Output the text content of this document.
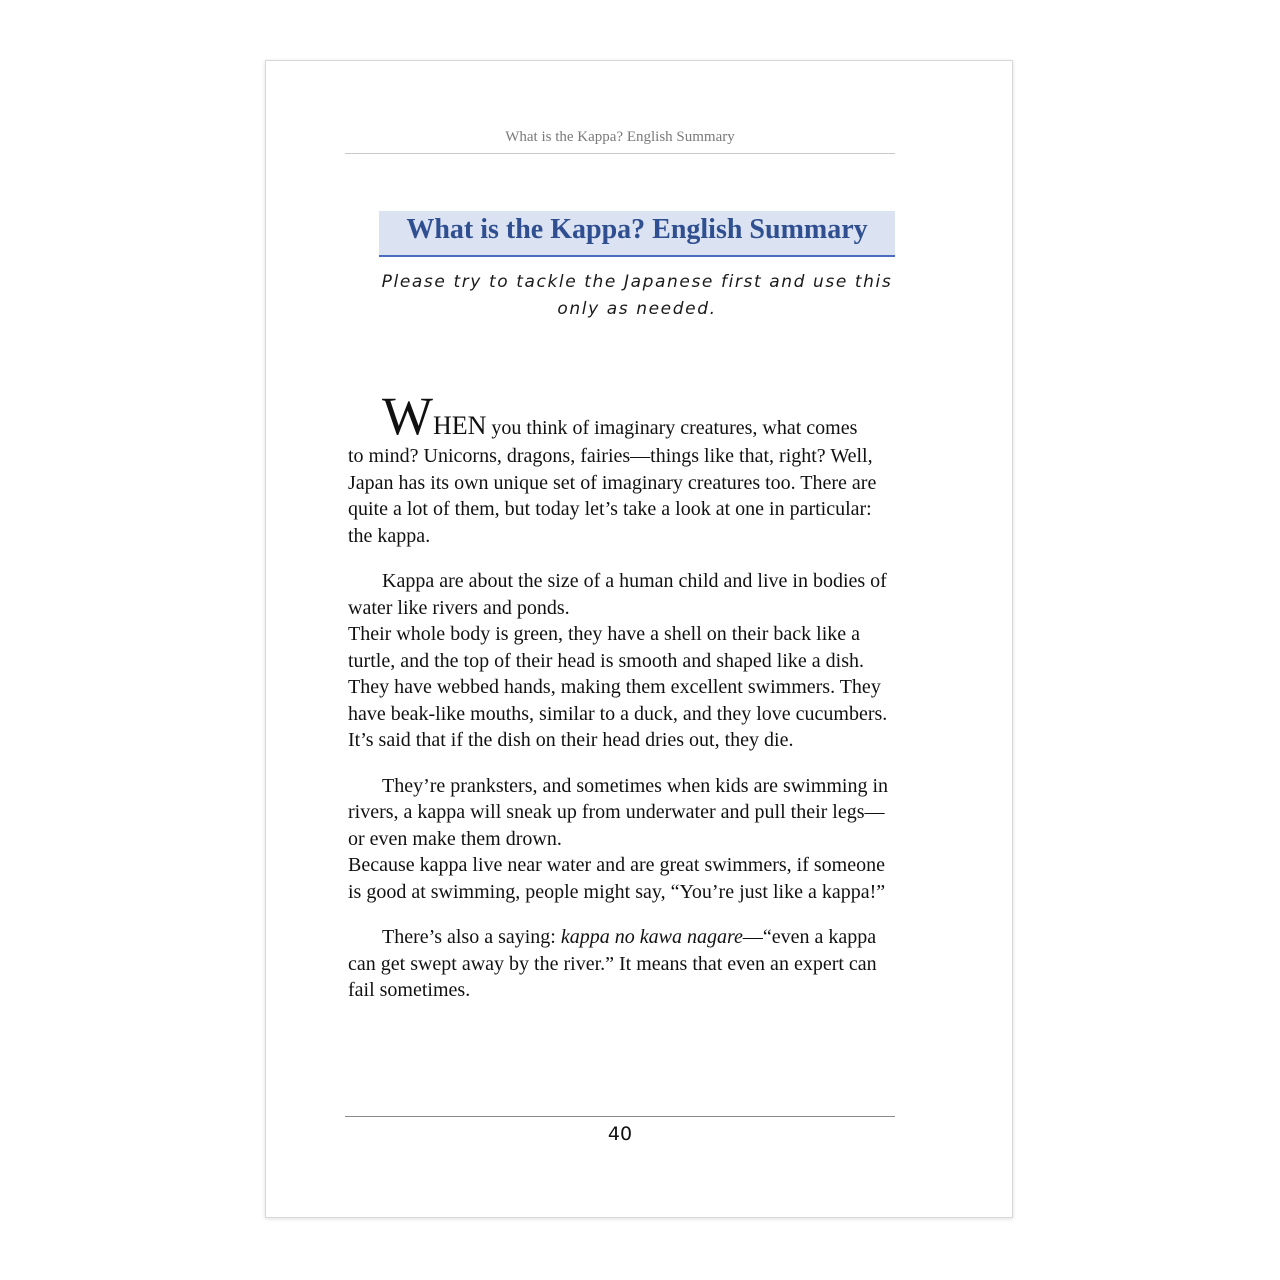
What is the Kappa? English Summary
What is the Kappa? English Summary
Please try to tackle the Japanese first and use this only as needed.

WHEN you think of imaginary creatures, what comes
to mind? Unicorns, dragons, fairies—things like that, right? Well, Japan has its own unique set of imaginary creatures too. There are quite a lot of them, but today let’s take a look at one in particular: the kappa.

Kappa are about the size of a human child and live in bodies of water like rivers and ponds.
Their whole body is green, they have a shell on their back like a turtle, and the top of their head is smooth and shaped like a dish. They have webbed hands, making them excellent swimmers. They have beak-like mouths, similar to a duck, and they love cucumbers. It’s said that if the dish on their head dries out, they die.

They’re pranksters, and sometimes when kids are swimming in rivers, a kappa will sneak up from underwater and pull their legs—or even make them drown.
Because kappa live near water and are great swimmers, if someone is good at swimming, people might say, “You’re just like a kappa!”

There’s also a saying: kappa no kawa nagare—“even a kappa can get swept away by the river.” It means that even an expert can fail sometimes.

40
